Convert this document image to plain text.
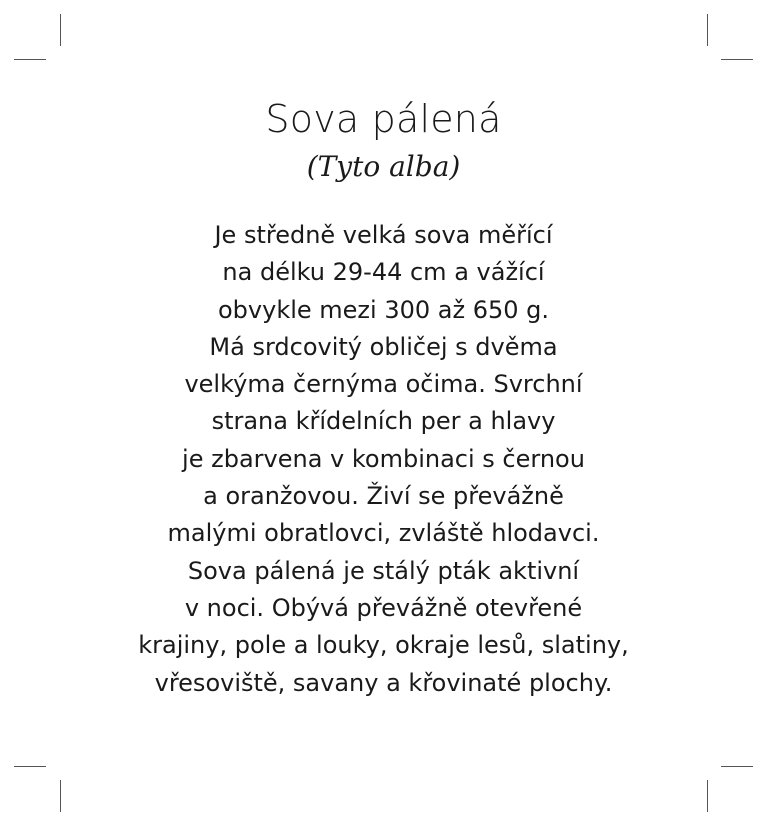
Sova pálená

(Tyto alba)

Je středně velká sova měřící
na délku 29-44 cm a vážící
obvykle mezi 300 až 650 g.
Má srdcovitý obličej s dvěma
velkýma černýma očima. Svrchní
strana křídelních per a hlavy
je zbarvena v kombinaci s černou
a oranžovou. Živí se převážně
malými obratlovci, zvláště hlodavci.
Sova pálená je stálý pták aktivní
v noci. Obývá převážně otevřené
krajiny, pole a louky, okraje lesů, slatiny,
vřesoviště, savany a křovinaté plochy.
